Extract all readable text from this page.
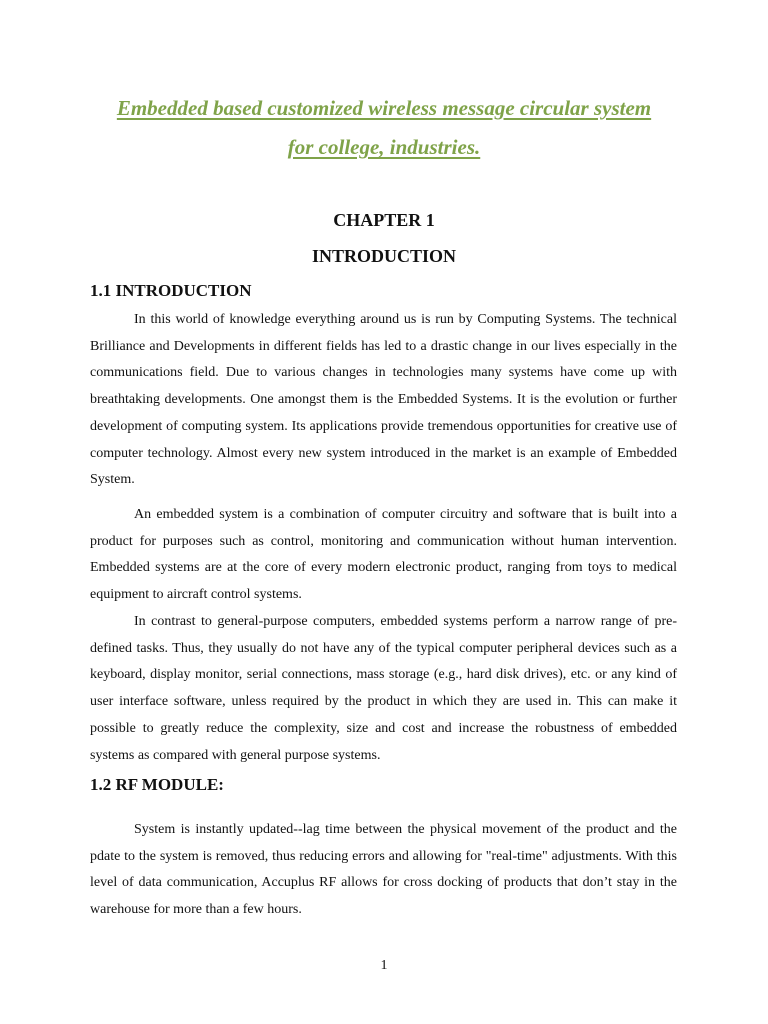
Embedded based customized wireless message circular system
for college, industries.
CHAPTER 1
INTRODUCTION
1.1 INTRODUCTION

In this world of knowledge everything around us is run by Computing Systems. The technical Brilliance and Developments in different fields has led to a drastic change in our lives especially in the communications field. Due to various changes in technologies many systems have come up with breathtaking developments. One amongst them is the Embedded Systems. It is the evolution or further development of computing system. Its applications provide tremendous opportunities for creative use of computer technology. Almost every new system introduced in the market is an example of Embedded System.

An embedded system is a combination of computer circuitry and software that is built into a product for purposes such as control, monitoring and communication without human intervention. Embedded systems are at the core of every modern electronic product, ranging from toys to medical equipment to aircraft control systems.

In contrast to general-purpose computers, embedded systems perform a narrow range of pre-defined tasks. Thus, they usually do not have any of the typical computer peripheral devices such as a keyboard, display monitor, serial connections, mass storage (e.g., hard disk drives), etc. or any kind of user interface software, unless required by the product in which they are used in. This can make it possible to greatly reduce the complexity, size and cost and increase the robustness of embedded systems as compared with general purpose systems.

1.2 RF MODULE:

System is instantly updated--lag time between the physical movement of the product and the pdate to the system is removed, thus reducing errors and allowing for "real-time" adjustments. With this level of data communication, Accuplus RF allows for cross docking of products that don’t stay in the warehouse for more than a few hours.

1
